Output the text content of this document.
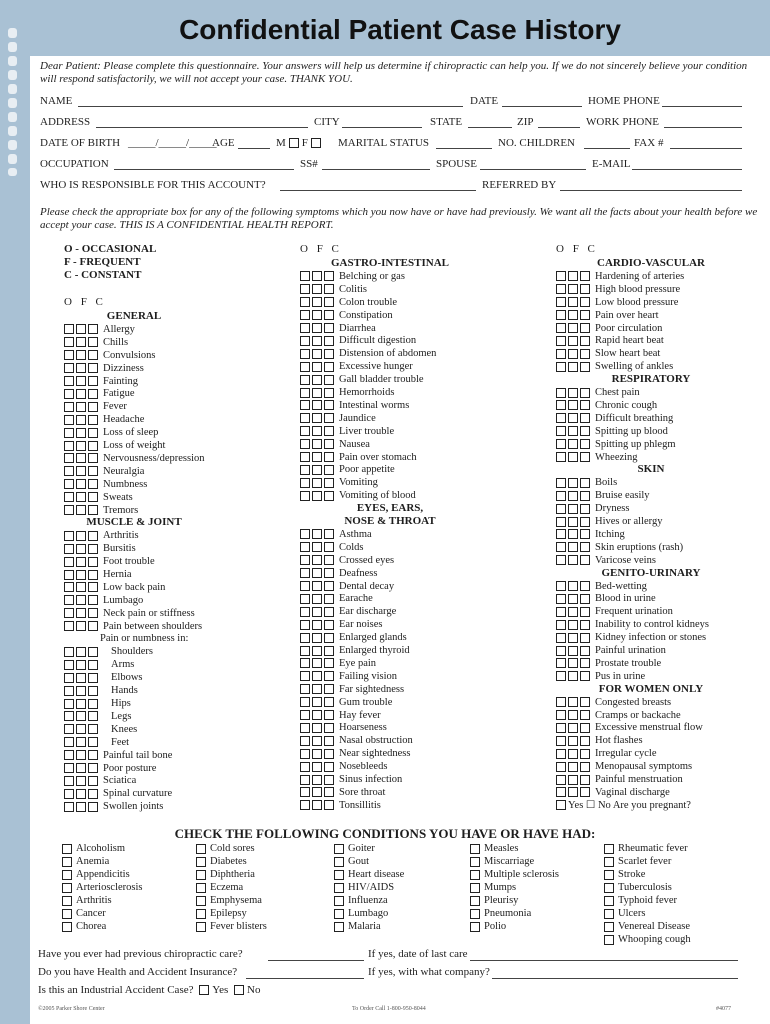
Confidential Patient Case History
Dear Patient: Please complete this questionnaire. Your answers will help us determine if chiropractic can help you. If we do not sincerely believe your condition will respond satisfactorily, we will not accept your case. THANK YOU.
NAME	DATE	HOME PHONE
ADDRESS	CITY	STATE	ZIP	WORK PHONE
DATE OF BIRTH _____/_____/_____
AGE	M F	MARITAL STATUS	NO. CHILDREN	FAX #
OCCUPATION	SS#	SPOUSE	E-MAIL
WHO IS RESPONSIBLE FOR THIS ACCOUNT?	REFERRED BY
Please check the appropriate box for any of the following symptoms which you now have or have had previously. We want all the facts about your health before we accept your case. THIS IS A CONFIDENTIAL HEALTH REPORT.
O - OCCASIONAL
F - FREQUENT
C - CONSTANT
CHECK THE FOLLOWING CONDITIONS YOU HAVE OR HAVE HAD:
Have you ever had previous chiropractic care?	If yes, date of last care
Do you have Health and Accident Insurance?	If yes, with what company?
Is this an Industrial Accident Case? Yes No
©2005 Parker Shore Center	To Order Call 1-800-950-8044	#4077
O F C
GENERAL
Allergy
Chills
Convulsions
Dizziness
Fainting
Fatigue
Fever
Headache
Loss of sleep
Loss of weight
Nervousness/depression
Neuralgia
Numbness
Sweats
Tremors
MUSCLE & JOINT
Arthritis
Bursitis
Foot trouble
Hernia
Low back pain
Lumbago
Neck pain or stiffness
Pain between shoulders
Pain or numbness in:
Shoulders
Arms
Elbows
Hands
Hips
Legs
Knees
Feet
Painful tail bone
Poor posture
Sciatica
Spinal curvature
Swollen joints
O F C
GASTRO-INTESTINAL
Belching or gas
Colitis
Colon trouble
Constipation
Diarrhea
Difficult digestion
Distension of abdomen
Excessive hunger
Gall bladder trouble
Hemorrhoids
Intestinal worms
Jaundice
Liver trouble
Nausea
Pain over stomach
Poor appetite
Vomiting
Vomiting of blood
EYES, EARS,
NOSE & THROAT
Asthma
Colds
Crossed eyes
Deafness
Dental decay
Earache
Ear discharge
Ear noises
Enlarged glands
Enlarged thyroid
Eye pain
Failing vision
Far sightedness
Gum trouble
Hay fever
Hoarseness
Nasal obstruction
Near sightedness
Nosebleeds
Sinus infection
Sore throat
Tonsillitis
O F C
CARDIO-VASCULAR
Hardening of arteries
High blood pressure
Low blood pressure
Pain over heart
Poor circulation
Rapid heart beat
Slow heart beat
Swelling of ankles
RESPIRATORY
Chest pain
Chronic cough
Difficult breathing
Spitting up blood
Spitting up phlegm
Wheezing
SKIN
Boils
Bruise easily
Dryness
Hives or allergy
Itching
Skin eruptions (rash)
Varicose veins
GENITO-URINARY
Bed-wetting
Blood in urine
Frequent urination
Inability to control kidneys
Kidney infection or stones
Painful urination
Prostate trouble
Pus in urine
FOR WOMEN ONLY
Congested breasts
Cramps or backache
Excessive menstrual flow
Hot flashes
Irregular cycle
Menopausal symptoms
Painful menstruation
Vaginal discharge
Yes ☐ No Are you pregnant?
Alcoholism
Anemia
Appendicitis
Arteriosclerosis
Arthritis
Cancer
Chorea
Cold sores
Diabetes
Diphtheria
Eczema
Emphysema
Epilepsy
Fever blisters
Goiter
Gout
Heart disease
HIV/AIDS
Influenza
Lumbago
Malaria
Measles
Miscarriage
Multiple sclerosis
Mumps
Pleurisy
Pneumonia
Polio
Rheumatic fever
Scarlet fever
Stroke
Tuberculosis
Typhoid fever
Ulcers
Venereal Disease
Whooping cough
